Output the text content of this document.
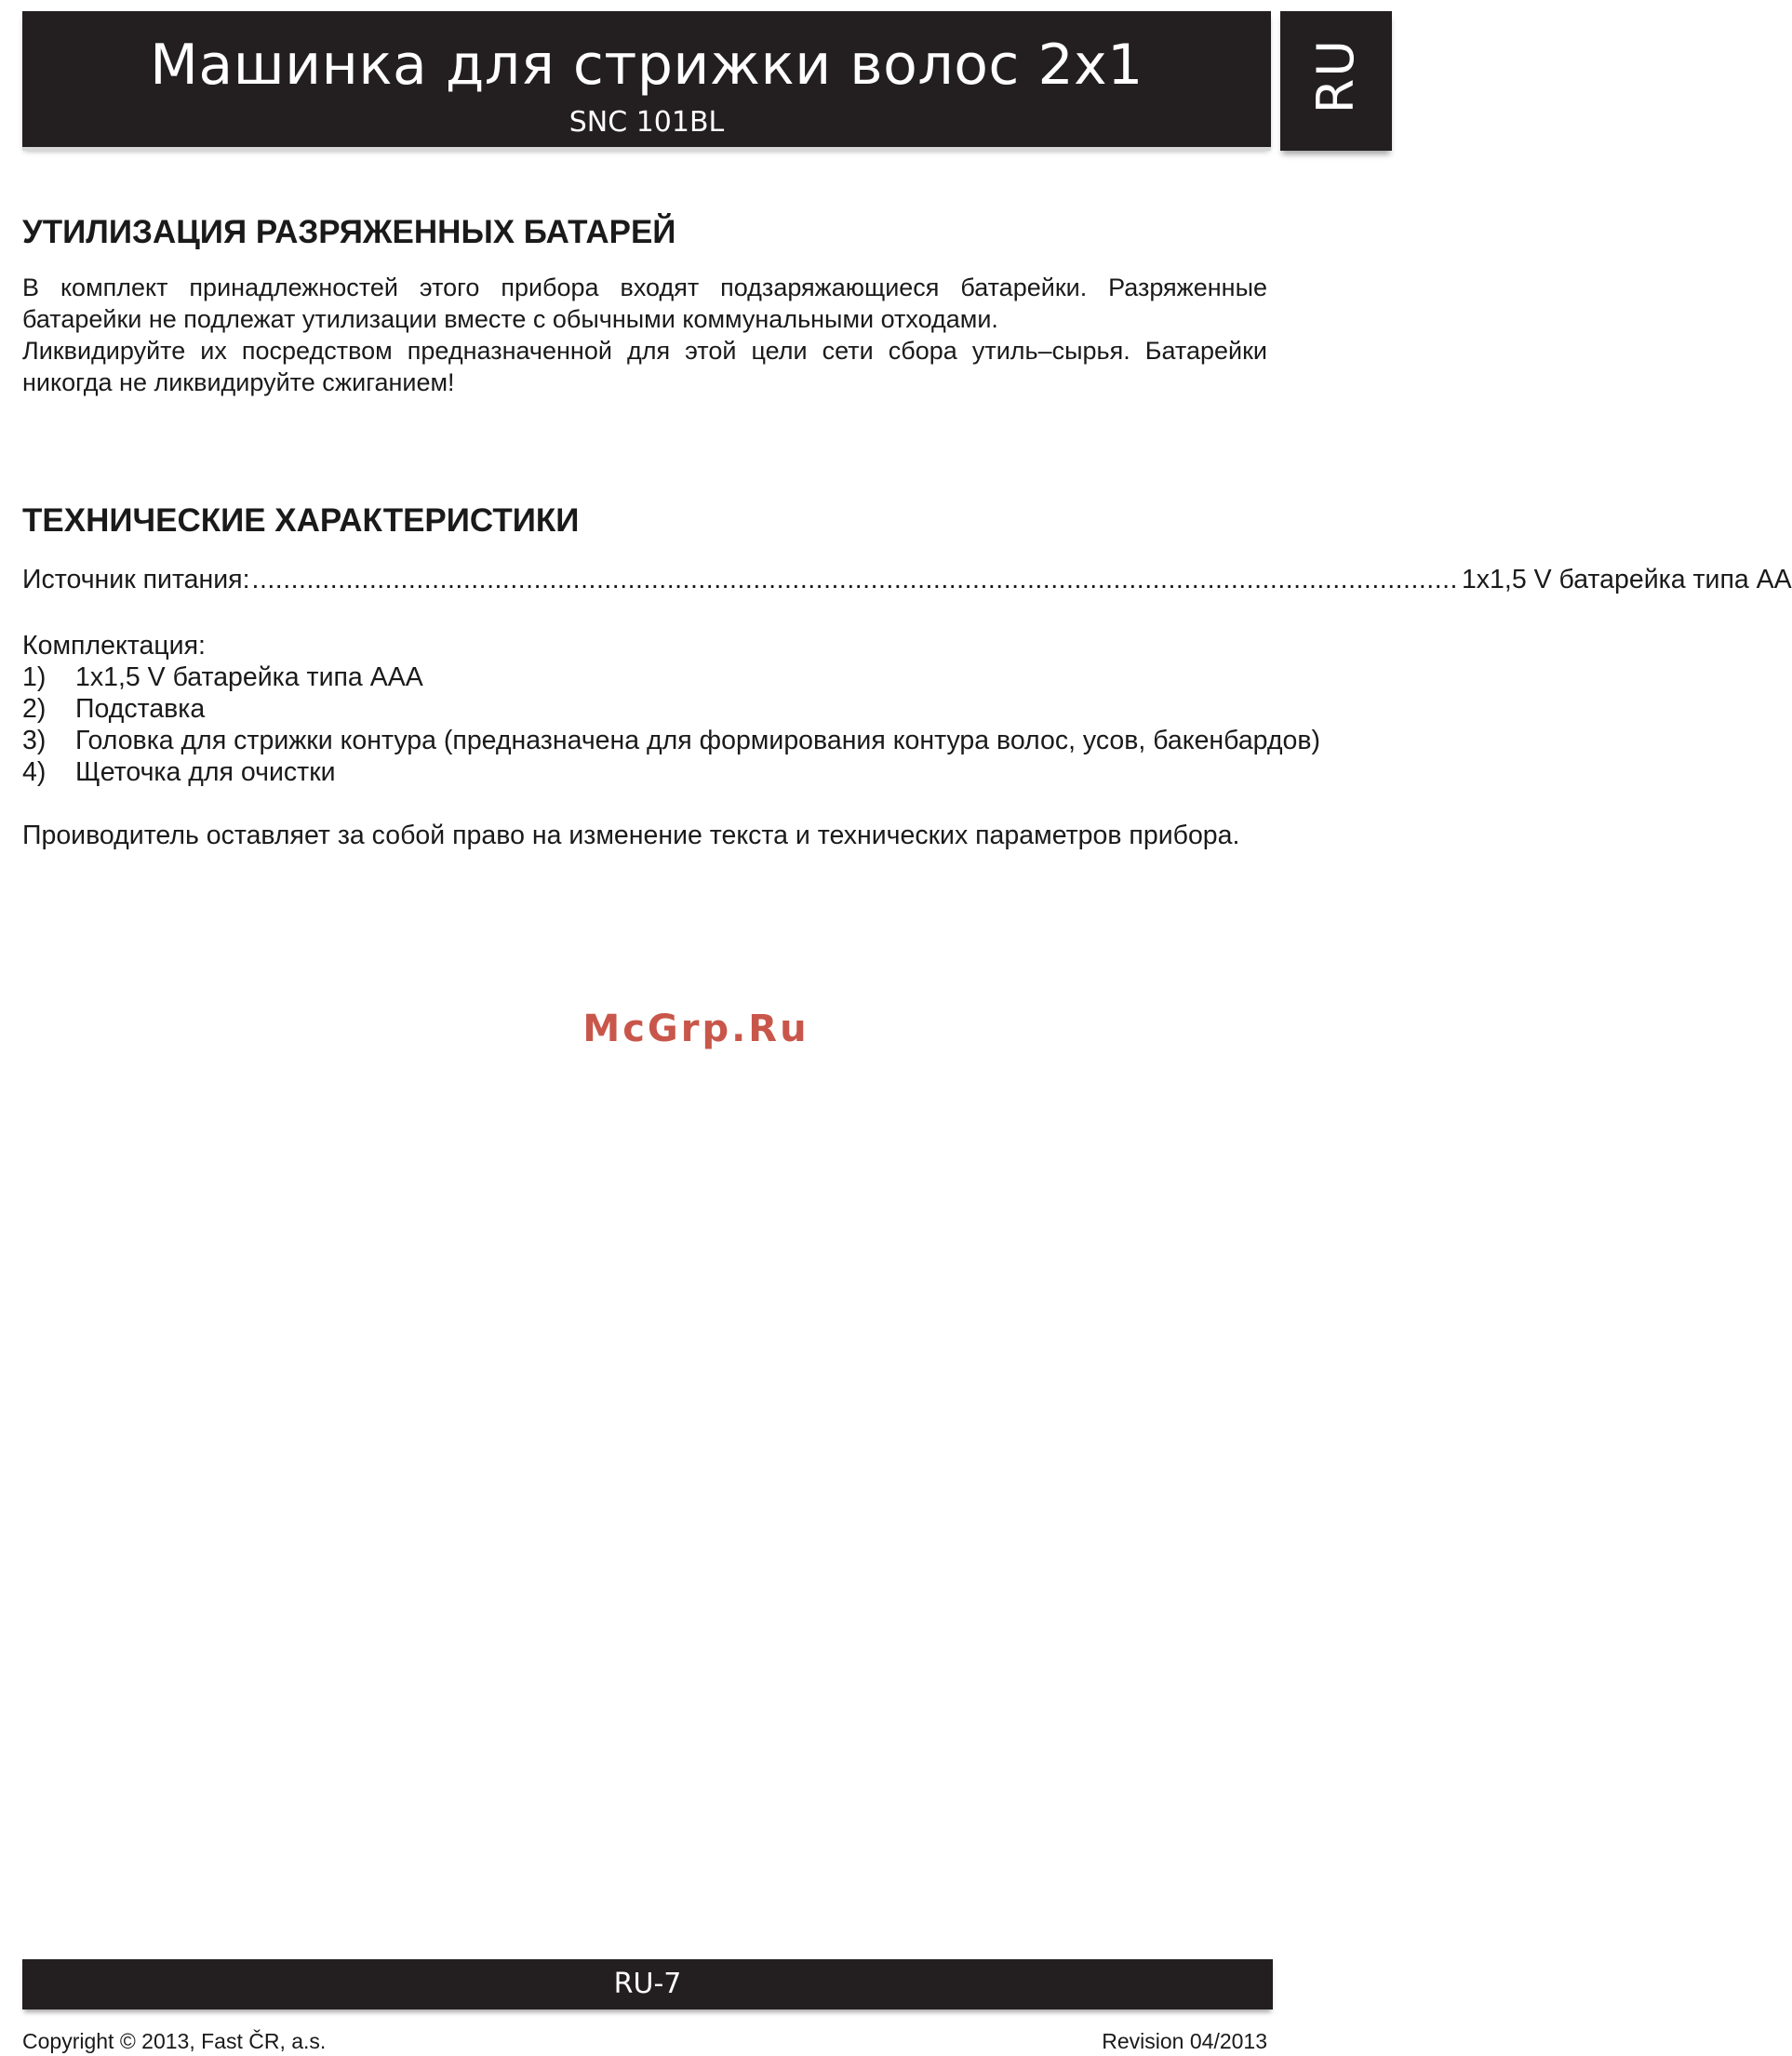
Машинка для стрижки волос 2x1
SNC 101BL
RU
УТИЛИЗАЦИЯ РАЗРЯЖЕННЫХ БАТАРЕЙ

В комплект принадлежностей этого прибора входят подзаряжающиеся батарейки. Разряженные батарейки не подлежат утилизации вместе с обычными коммунальными отходами.

Ликвидируйте их посредством предназначенной для этой цели сети сбора утиль–сырья. Батарейки никогда не ликвидируйте сжиганием!

ТЕХНИЧЕСКИЕ ХАРАКТЕРИСТИКИ
Источник питания: .......................................................................................................................................................... 1x1,5 V батарейка типа AA
Комплектация:
1)	1x1,5 V батарейка типа AAA
2)	Подставка
3)	Головка для стрижки контура (предназначена для формирования контура волос, усов, бакенбардов)
4)	Щеточка для очистки
Проиводитель оставляет за собой право на изменение текста и технических параметров прибора.
McGrp.Ru
RU-7
Copyright © 2013, Fast ČR, a.s.	Revision 04/2013
